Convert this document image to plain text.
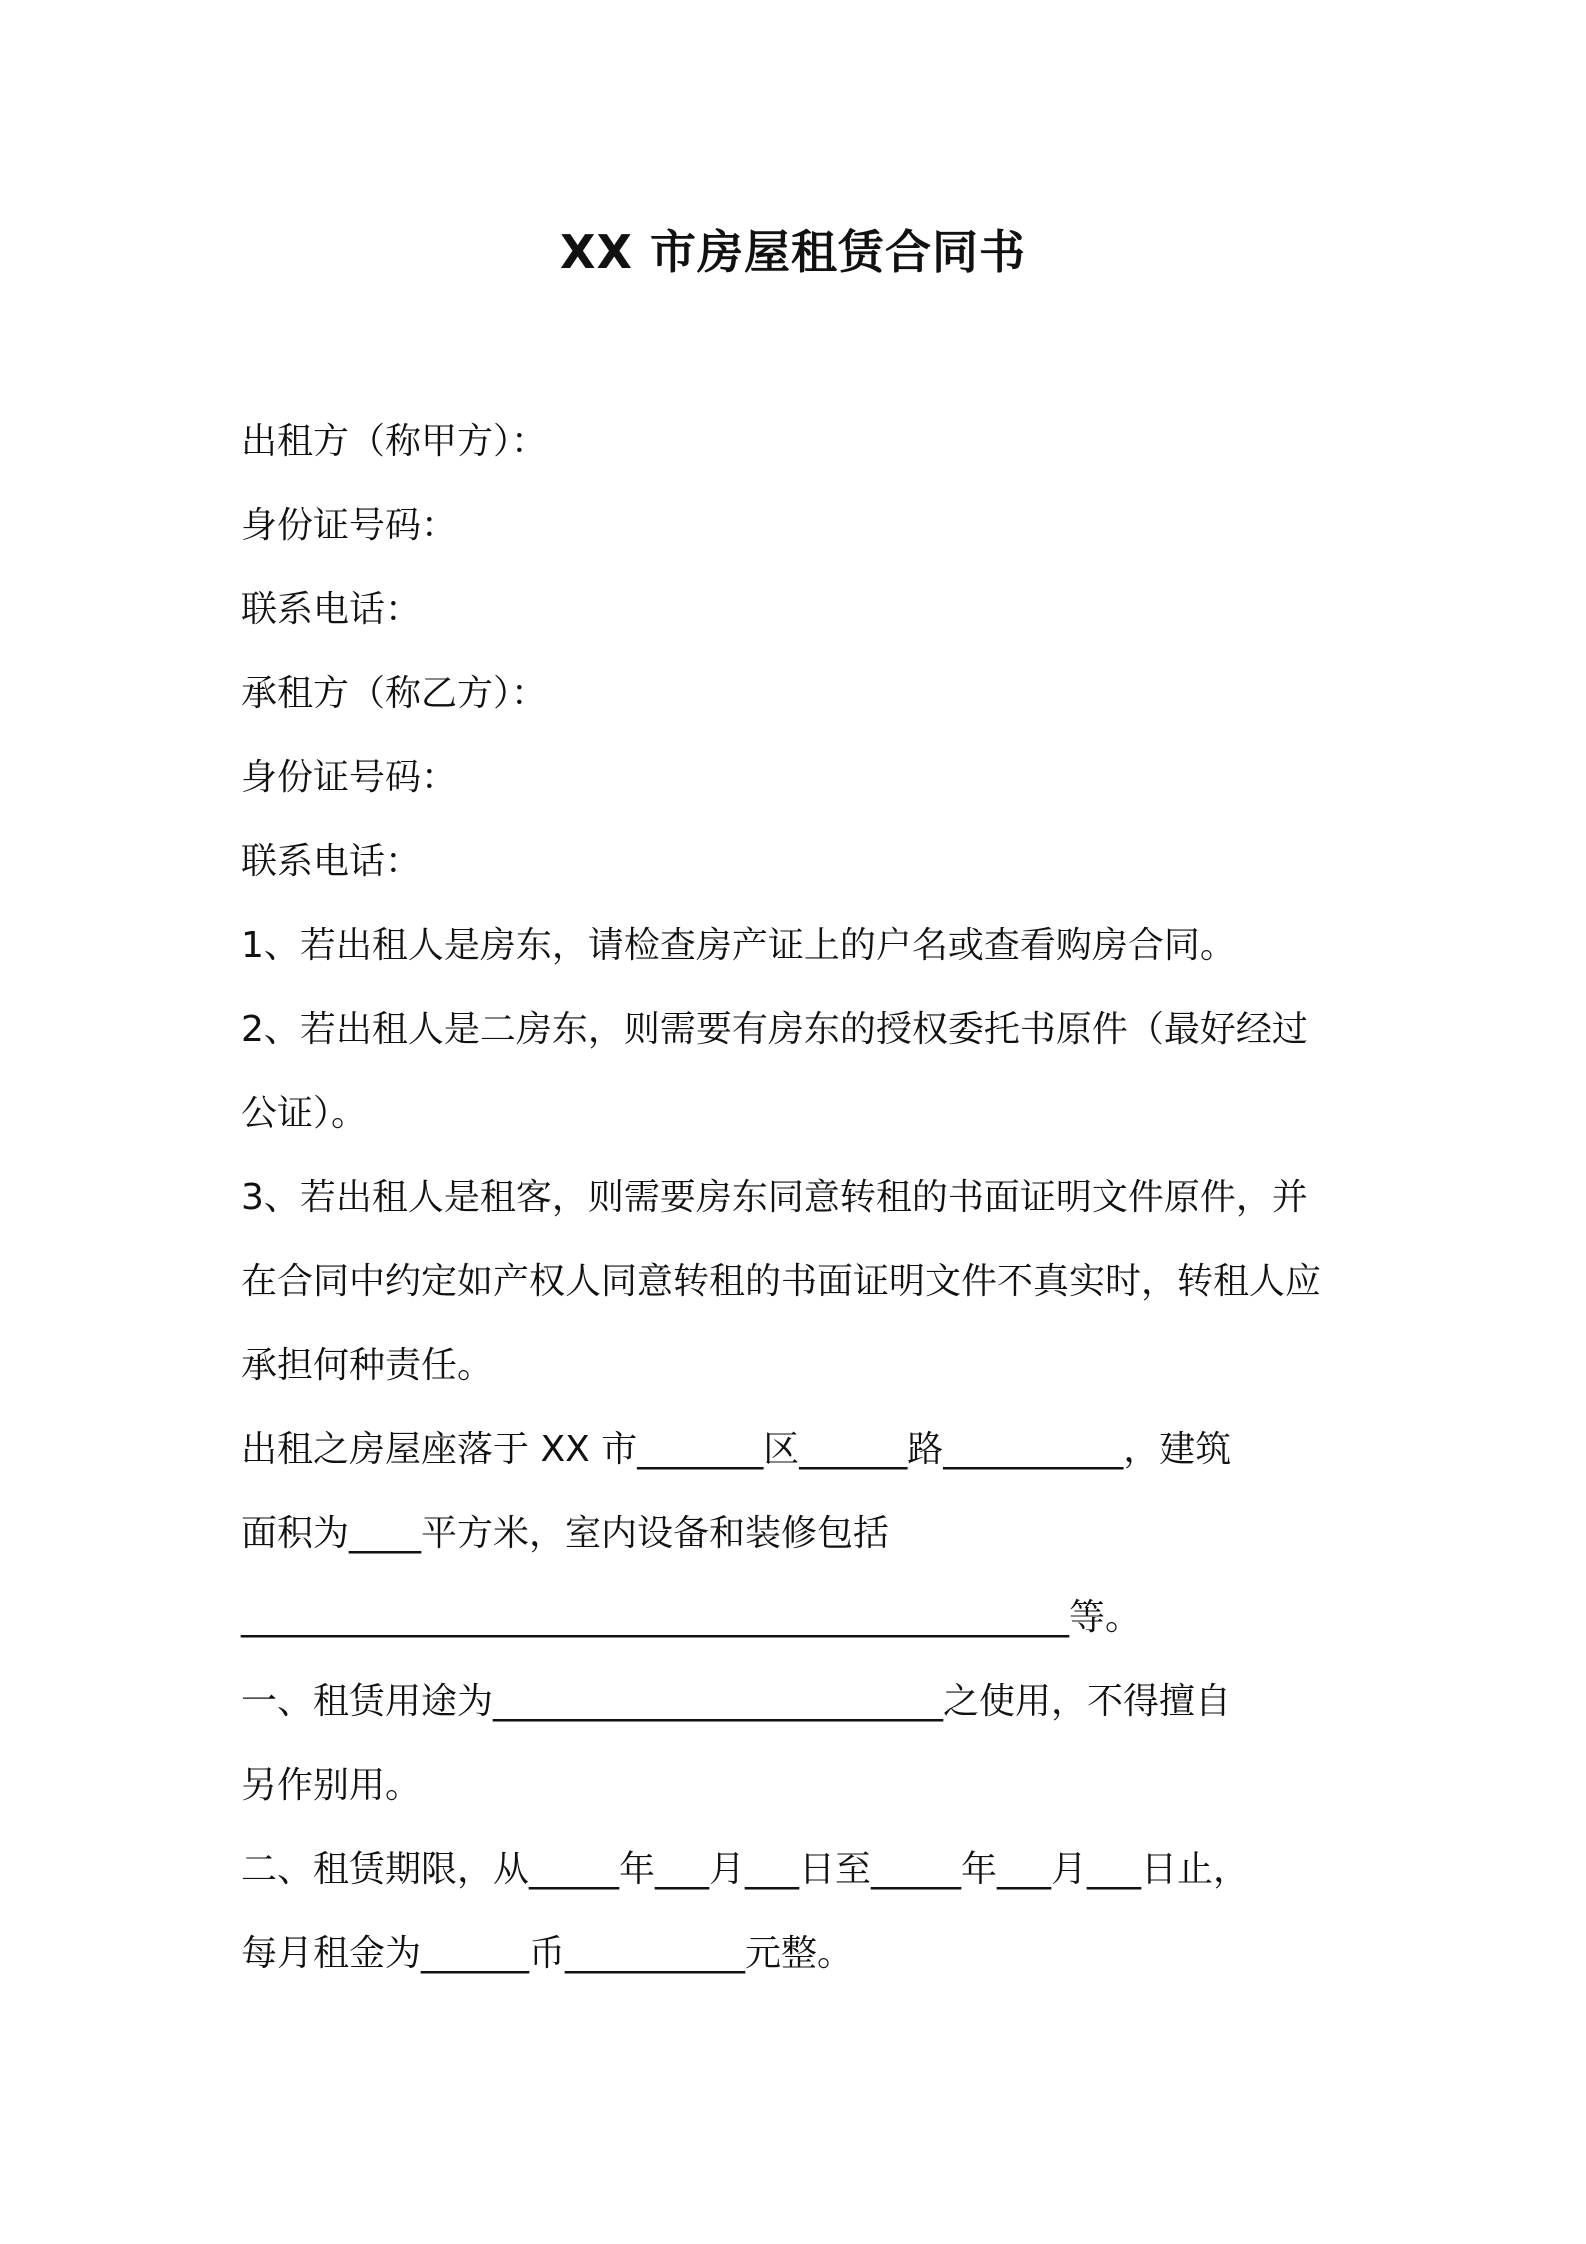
XX 市房屋租赁合同书
出租方（称甲方）：
身份证号码：
联系电话：
承租方（称乙方）：
身份证号码：
联系电话：
1、若出租人是房东，请检查房产证上的户名或查看购房合同。
2、若出租人是二房东，则需要有房东的授权委托书原件（最好经过
公证）。
3、若出租人是租客，则需要房东同意转租的书面证明文件原件，并
在合同中约定如产权人同意转租的书面证明文件不真实时，转租人应
承担何种责任。
出租之房屋座落于 XX 市_______区______路__________，建筑
面积为____平方米，室内设备和装修包括
______________________________________________等。
一、租赁用途为_________________________之使用，不得擅自
另作别用。
二、租赁期限，从_____年___月___日至_____年___月___日止，
每月租金为______币__________元整。
